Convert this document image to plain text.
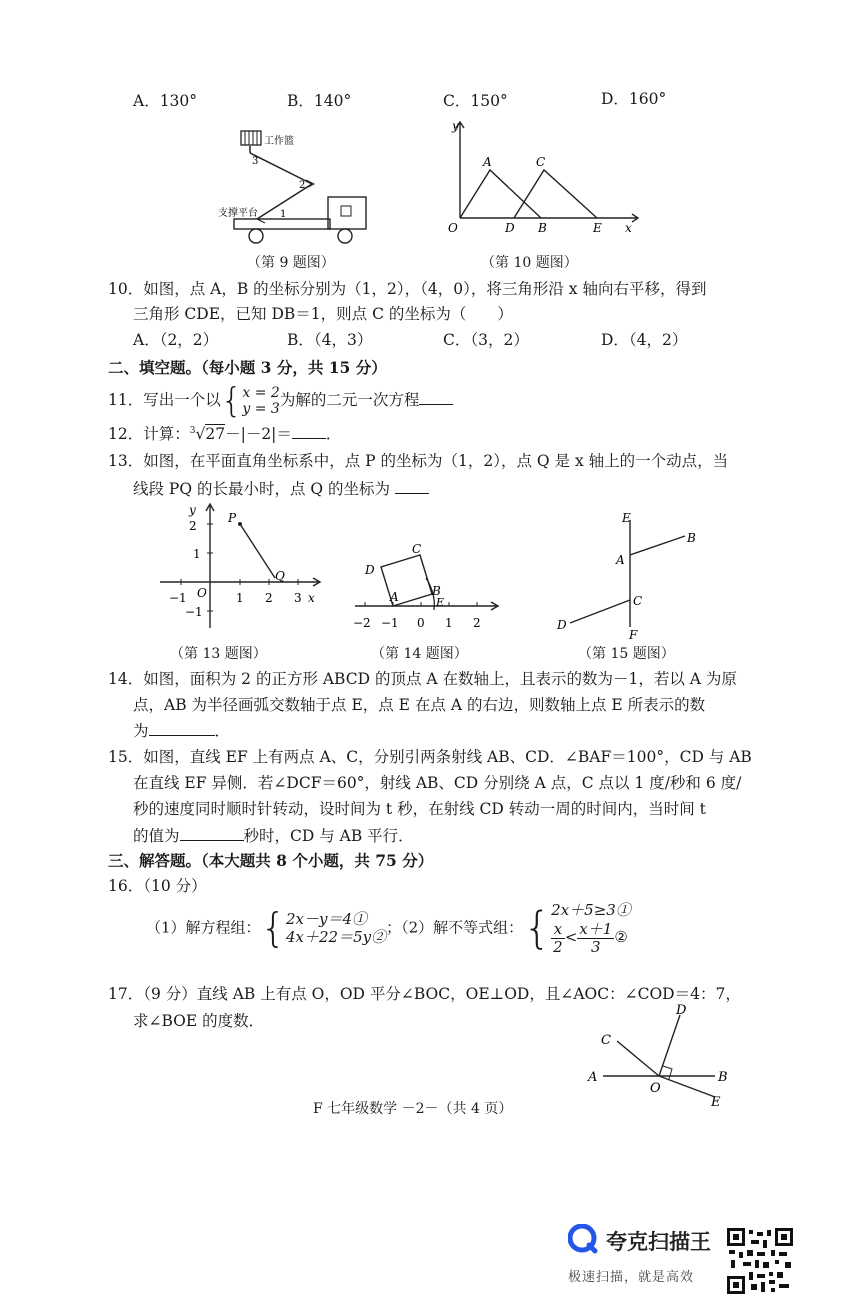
A．130°	B．140°	C．150°	D．160°
工作篮
3
2
1
支撑平台
（第 9 题图）
y
A	C
O	D B	E x
（第 10 题图）
10．如图，点 A，B 的坐标分别为（1，2），（4，0），将三角形沿 x 轴向右平移，得到
三角形 CDE，已知 DB＝1，则点 C 的坐标为（　　）
A．（2，2）	B．（4，3）	C．（3，2）	D．（4，2）
二、填空题。（每小题 3 分，共 15 分）
11．写出一个以{ x = 2
y = 3 为解的二元一次方程
12．计算：$^3$√27－|－2|＝ ．
13．如图，在平面直角坐标系中，点 P 的坐标为（1，2），点 Q 是 x 轴上的一个动点，当
线段 PQ 的长最小时，点 Q 的坐标为
y
P
Q
2
1
−1
O
−1	1 2 3 x
（第 13 题图）
D
C
A	B
E
−2 −1 0 1 2
（第 14 题图）
E
B
A
C
D
F
（第 15 题图）
14．如图，面积为 2 的正方形 ABCD 的顶点 A 在数轴上，且表示的数为－1，若以 A 为原
点，AB 为半径画弧交数轴于点 E，点 E 在点 A 的右边，则数轴上点 E 所表示的数
为	．
15．如图，直线 EF 上有两点 A、C，分别引两条射线 AB、CD．∠BAF＝100°，CD 与 AB
在直线 EF 异侧．若∠DCF＝60°，射线 AB、CD 分别绕 A 点，C 点以 1 度/秒和 6 度/
秒的速度同时顺时针转动，设时间为 t 秒，在射线 CD 转动一周的时间内，当时间 t
的值为	秒时，CD 与 AB 平行．
三、解答题。（本大题共 8 个小题，共 75 分）
16．（10 分）
（1）解方程组：{ 2x－y＝4①
4x＋22＝5y② ；（2）解不等式组：{ 2x＋5≥3①
$\frac{x}{2} < \frac{x+1}{3}$ ②
17．（9 分）直线 AB 上有点 O，OD 平分∠BOC，OE⊥OD，且∠AOC：∠COD＝4：7，
求∠BOE 的度数．
D
C
A
O
B
E
F 七年级数学 －2－（共 4 页）
夸克扫描王
极速扫描，就是高效
